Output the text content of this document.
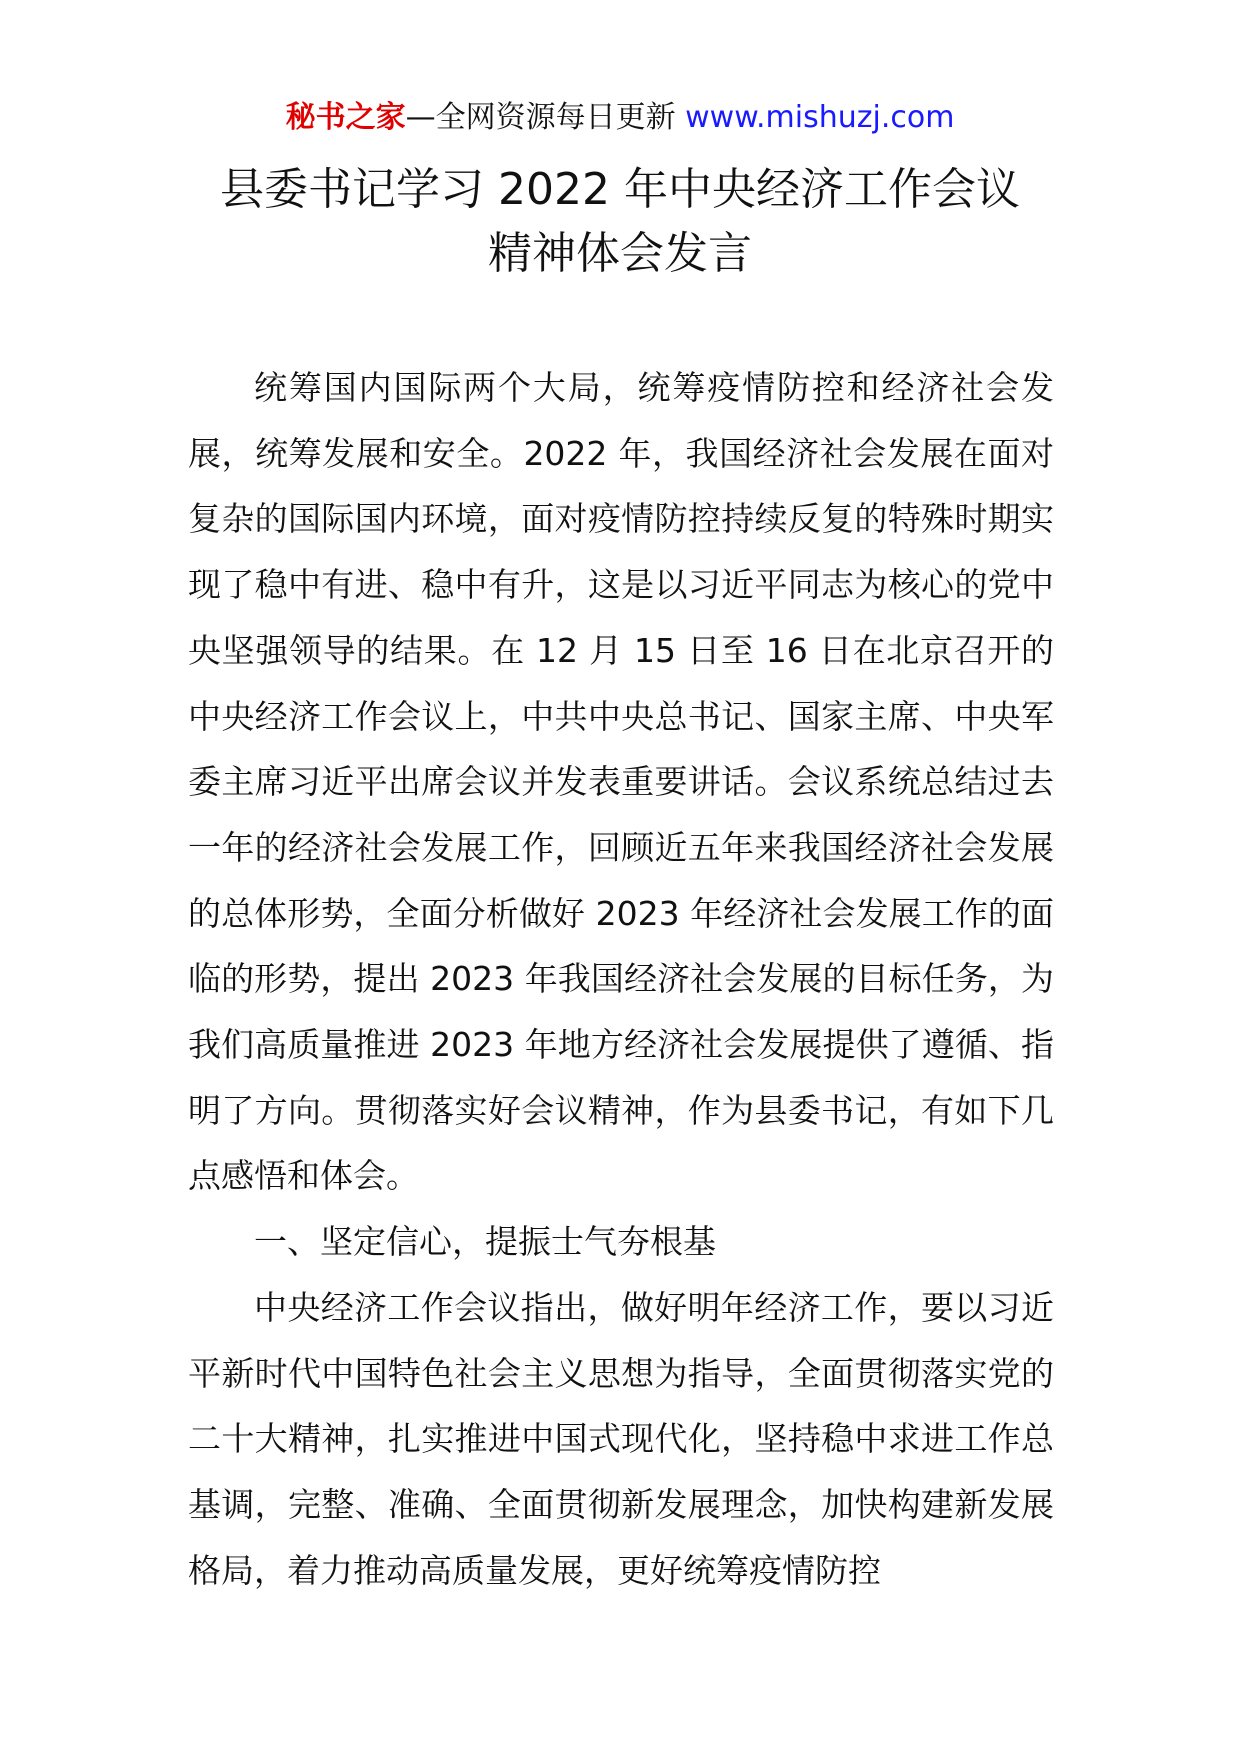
秘书之家—全网资源每日更新 www.mishuzj.com
县委书记学习 2022 年中央经济工作会议
精神体会发言

统筹国内国际两个大局，统筹疫情防控和经济社会发展，统筹发展和安全。2022 年，我国经济社会发展在面对复杂的国际国内环境，面对疫情防控持续反复的特殊时期实现了稳中有进、稳中有升，这是以习近平同志为核心的党中央坚强领导的结果。在 12 月 15 日至 16 日在北京召开的中央经济工作会议上，中共中央总书记、国家主席、中央军委主席习近平出席会议并发表重要讲话。会议系统总结过去一年的经济社会发展工作，回顾近五年来我国经济社会发展的总体形势，全面分析做好 2023 年经济社会发展工作的面临的形势，提出 2023 年我国经济社会发展的目标任务，为我们高质量推进 2023 年地方经济社会发展提供了遵循、指明了方向。贯彻落实好会议精神，作为县委书记，有如下几点感悟和体会。

一、坚定信心，提振士气夯根基

中央经济工作会议指出，做好明年经济工作，要以习近平新时代中国特色社会主义思想为指导，全面贯彻落实党的二十大精神，扎实推进中国式现代化，坚持稳中求进工作总基调，完整、准确、全面贯彻新发展理念，加快构建新发展格局，着力推动高质量发展，更好统筹疫情防控
